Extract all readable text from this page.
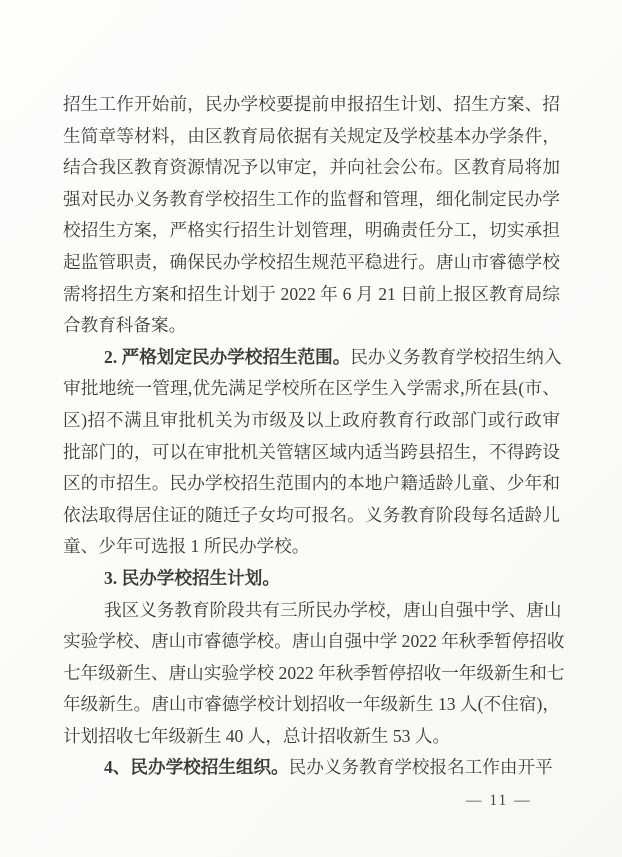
招生工作开始前，民办学校要提前申报招生计划、招生方案、招
生简章等材料，由区教育局依据有关规定及学校基本办学条件，
结合我区教育资源情况予以审定，并向社会公布。区教育局将加
强对民办义务教育学校招生工作的监督和管理，细化制定民办学
校招生方案，严格实行招生计划管理，明确责任分工，切实承担
起监管职责，确保民办学校招生规范平稳进行。唐山市睿德学校
需将招生方案和招生计划于 2022 年 6 月 21 日前上报区教育局综
合教育科备案。
2. 严格划定民办学校招生范围。民办义务教育学校招生纳入
审批地统一管理,优先满足学校所在区学生入学需求,所在县(市、
区)招不满且审批机关为市级及以上政府教育行政部门或行政审
批部门的，可以在审批机关管辖区域内适当跨县招生，不得跨设
区的市招生。民办学校招生范围内的本地户籍适龄儿童、少年和
依法取得居住证的随迁子女均可报名。义务教育阶段每名适龄儿
童、少年可选报 1 所民办学校。
3. 民办学校招生计划。
我区义务教育阶段共有三所民办学校，唐山自强中学、唐山
实验学校、唐山市睿德学校。唐山自强中学 2022 年秋季暂停招收
七年级新生、唐山实验学校 2022 年秋季暂停招收一年级新生和七
年级新生。唐山市睿德学校计划招收一年级新生 13 人(不住宿)，
计划招收七年级新生 40 人，总计招收新生 53 人。
4、民办学校招生组织。民办义务教育学校报名工作由开平
— 11 —
